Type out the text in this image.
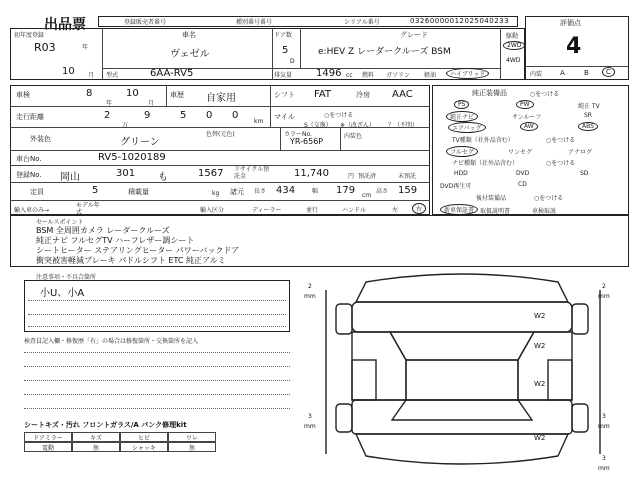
出品票	登録販売者番号	種別番号番号	シリアル番号	0326000001202504023З	評価点
4
初年度登録
R03	年
10 月
車名
ヴェゼル
ドア数
5
D
グレード
e:HEV Z レーダークルーズ BSM
駆動
2WD
4WD
型式	6AA-RV5	排気量 1496 cc 燃料 ガソリン 軽油	ハイブリッド	内装	A	B	C
車検	8	10
年	月
車歴 自家用	シフト FAT	冷房 AAC
走行距離	2	9	5 0 0
万
km
マイル	○をつける
S（交換） ※（改ざん） ？（不明）
外装色	グリーン
色替(元色)	カラーNo.
YR-656P
内装色
車台No.	RV5-1020189
登録No. 岡山	301 も	1567 リサイクル預託金	11,740	円 預託済	未預託
定員	5	積載量	kg 諸元 長さ 434	幅 179 cm
高さ 159
輸入車のみ→
モデル年式	輸入区分	ディーラー	並行	ハンドル	左	右
純正装備品	○をつける
PS	PW	純正 TV
純正ナビ	サンルーフ	SR
エアバッグ	AW	ABS
TV種類（社外品含む）	○をつける
フルセグ	ワンセグ	アナログ
ナビ種類（社外品含む）	○をつける
HDD	DVD	SD
DVD再生可	CD
後付装備品	○をつける
新車保証書 取扱説明書	車検取説
セールスポイント
BSM 全周囲カメラ レーダークルーズ
純正ナビ フルセグTV ハーフレザー調シート
シートヒーター ステアリングヒーター パワーバックドア
衝突被害軽減ブレーキ パドルシフト ETC 純正アルミ
注意事項・不具合箇所
小U、小A
検査員記入欄・修復歴「有」の場合は修復箇所・交換箇所を記入
シートキズ・汚れ フロントガラス/A パンク修理kit
ドアミラー	キズ	ヒビ	ワレ
電動	無	シャッキ	無
W2
W2
W2
W2
2
mm
2
mm
3
mm
3
mm
3
mm
